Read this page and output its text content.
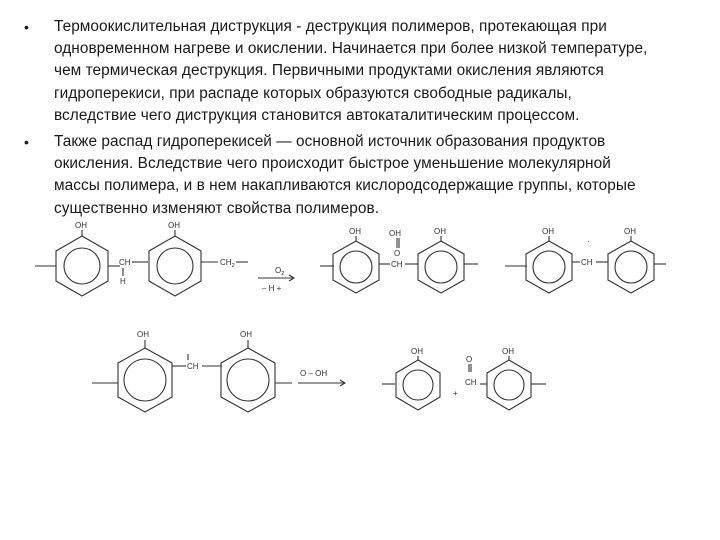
•	Термоокислительная диструкция - деструкция полимеров, протекающая при
одновременном нагреве и окислении. Начинается при более низкой температуре,
чем термическая деструкция. Первичными продуктами окисления являются
гидроперекиси, при распаде которых образуются свободные радикалы,
вследствие чего диструкция становится автокаталитическим процессом.
•	Также распад гидроперекисей — основной источник образования продуктов
окисления. Вследствие чего происходит быстрое уменьшение молекулярной
массы полимера, и в нем накапливаются кислородсодержащие группы, которые
существенно изменяют свойства полимеров.
OH
CH
H
OH
$CH_2$	$O_2$
– H +
OH	OH
O
CH
OH	OH
CH
·
OH
OH	OH
CH
O – OH
OH
O
CH
+
OH
